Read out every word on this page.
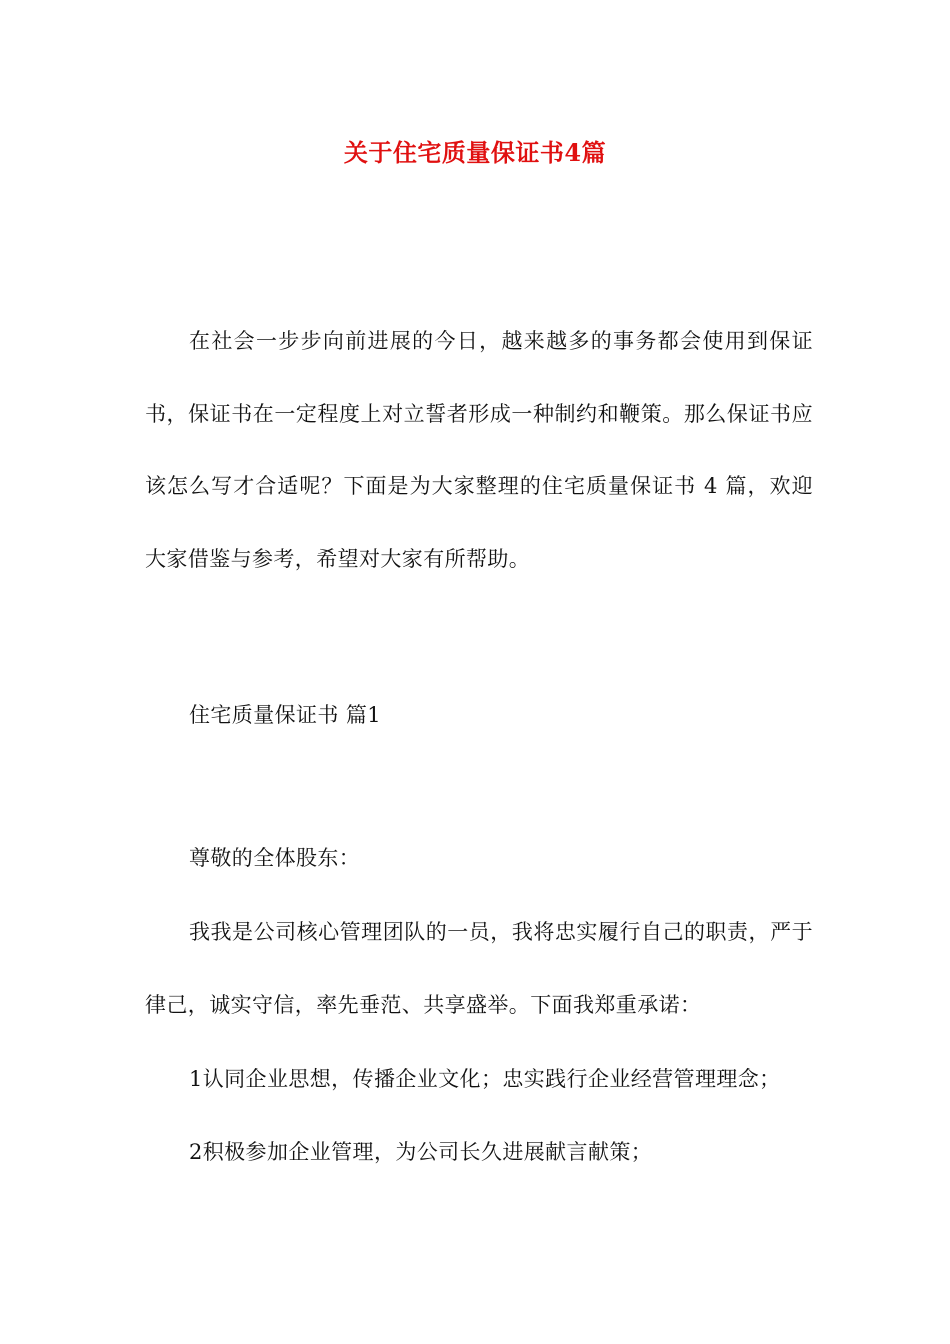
关于住宅质量保证书4篇
在社会一步步向前进展的今日，越来越多的事务都会使用到保证书，保证书在一定程度上对立誓者形成一种制约和鞭策。那么保证书应该怎么写才合适呢？下面是为大家整理的住宅质量保证书 4 篇，欢迎大家借鉴与参考，希望对大家有所帮助。
住宅质量保证书 篇1
尊敬的全体股东：
我我是公司核心管理团队的一员，我将忠实履行自己的职责，严于律己，诚实守信，率先垂范、共享盛举。下面我郑重承诺：
1认同企业思想，传播企业文化；忠实践行企业经营管理理念；
2积极参加企业管理，为公司长久进展献言献策；
